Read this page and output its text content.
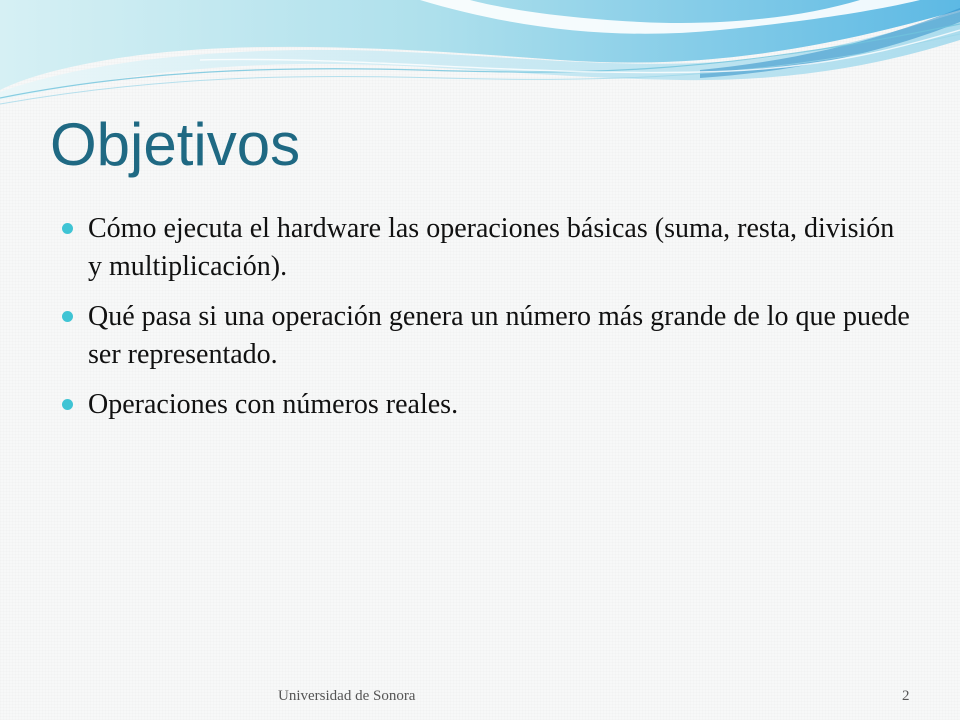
Objetivos
Cómo ejecuta el hardware las operaciones básicas (suma, resta, división y multiplicación).
Qué pasa si una operación genera un número más grande de lo que puede ser representado.
Operaciones con números reales.
Universidad de Sonora	2
